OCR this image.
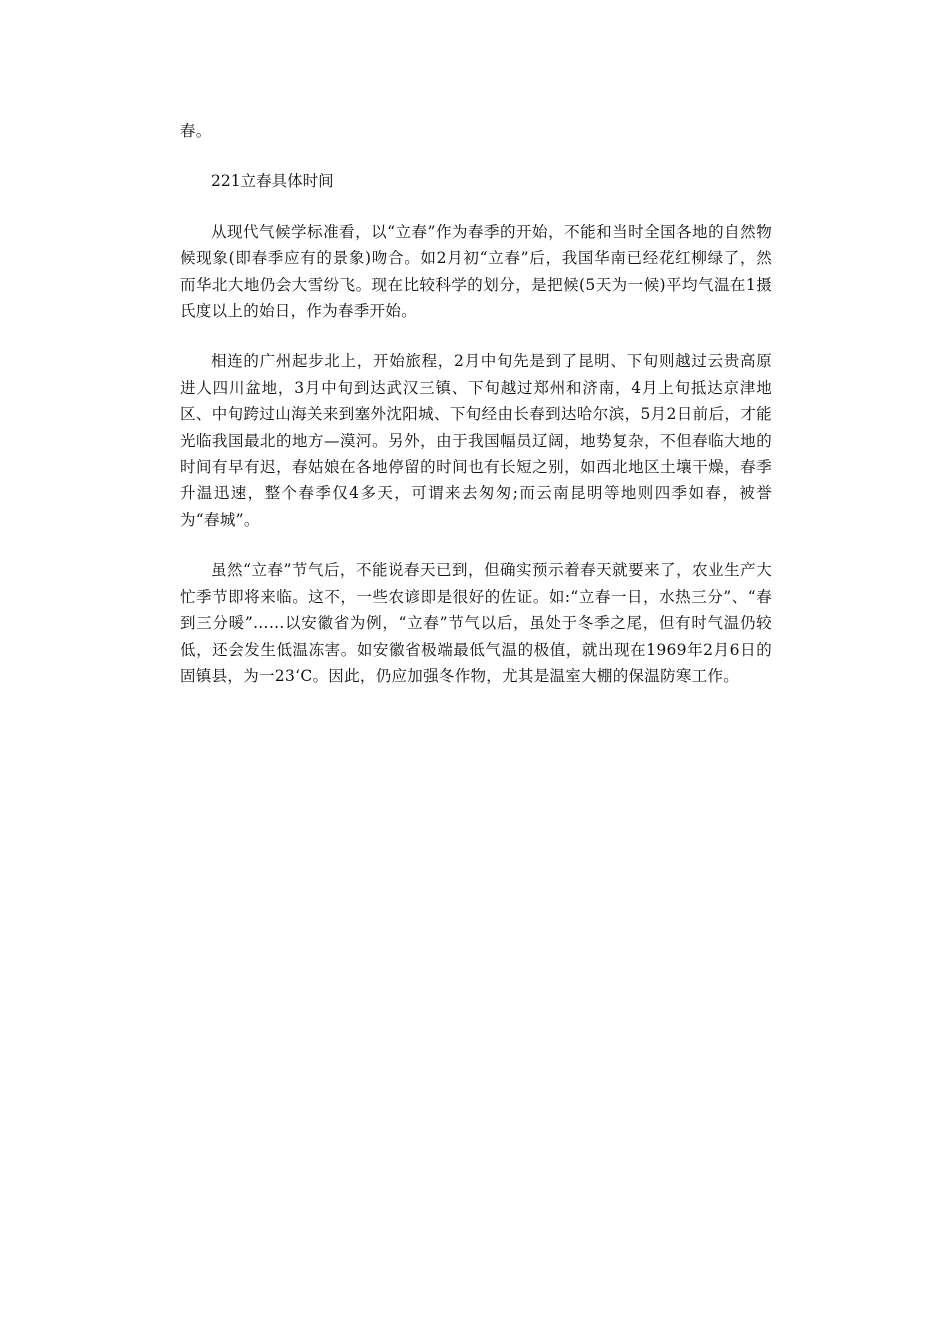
春。

221立春具体时间

从现代气候学标准看，以“立春”作为春季的开始，不能和当时全国各地的自然物候现象(即春季应有的景象)吻合。如2月初“立春”后，我国华南已经花红柳绿了，然而华北大地仍会大雪纷飞。现在比较科学的划分，是把候(5天为一候)平均气温在1摄氏度以上的始日，作为春季开始。

相连的广州起步北上，开始旅程，2月中旬先是到了昆明、下旬则越过云贵高原进人四川盆地，3月中旬到达武汉三镇、下旬越过郑州和济南，4月上旬抵达京津地区、中旬跨过山海关来到塞外沈阳城、下旬经由长春到达哈尔滨，5月2日前后，才能光临我国最北的地方—漠河。另外，由于我国幅员辽阔，地势复杂，不但春临大地的时间有早有迟，春姑娘在各地停留的时间也有长短之别，如西北地区土壤干燥，春季升温迅速，整个春季仅4多天，可谓来去匆匆;而云南昆明等地则四季如春，被誉为“春城”。

虽然“立春”节气后，不能说春天已到，但确实预示着春天就要来了，农业生产大忙季节即将来临。这不，一些农谚即是很好的佐证。如:“立春一日，水热三分”、“春到三分暖”……以安徽省为例，“立春”节气以后，虽处于冬季之尾，但有时气温仍较低，还会发生低温冻害。如安徽省极端最低气温的极值，就出现在1969年2月6日的固镇县，为一23‘C。因此，仍应加强冬作物，尤其是温室大棚的保温防寒工作。
